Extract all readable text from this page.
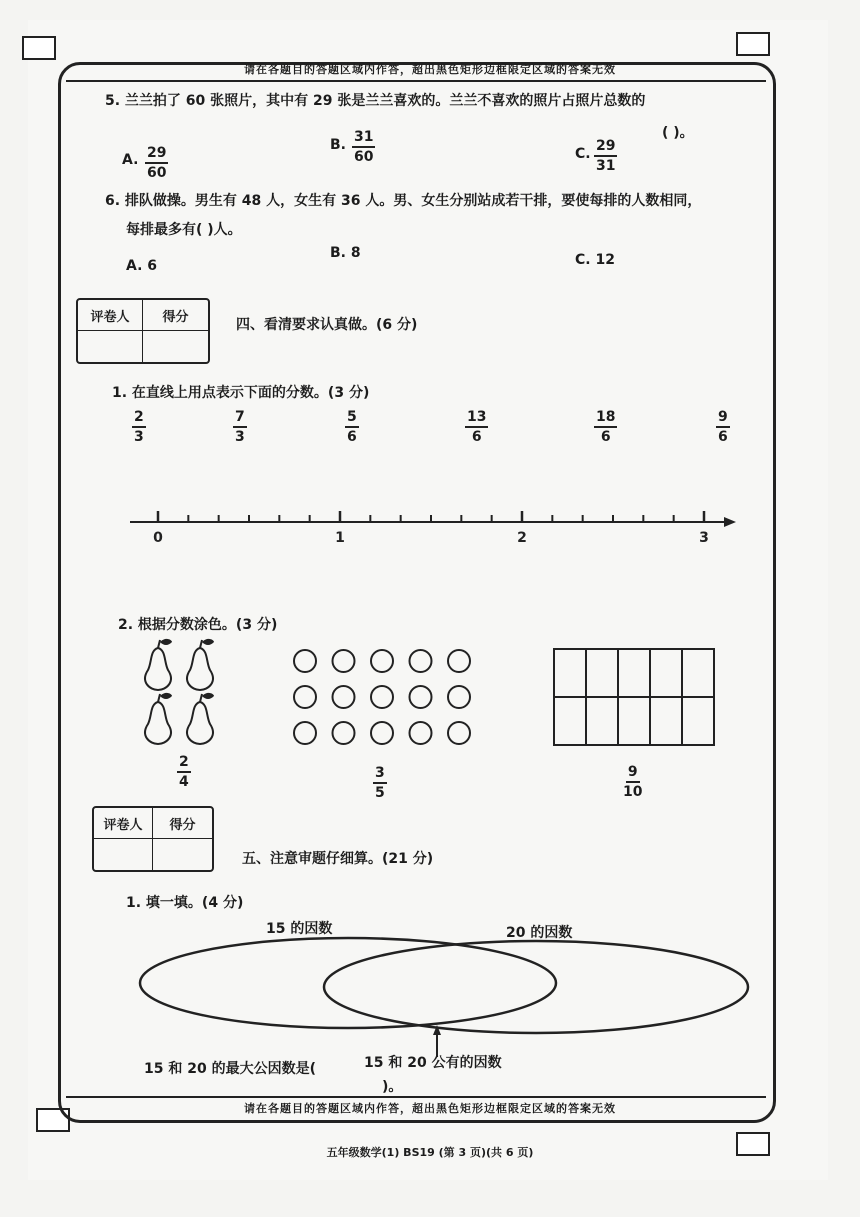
请在各题目的答题区域内作答，超出黑色矩形边框限定区域的答案无效
5. 兰兰拍了 60 张照片，其中有 29 张是兰兰喜欢的。兰兰不喜欢的照片占照片总数的
( )。
A. $\frac{29}{60}$	B. $\frac{31}{60}$	C. $\frac{29}{31}$
6. 排队做操。男生有 48 人，女生有 36 人。男、女生分别站成若干排，要使每排的人数相同，
每排最多有( )人。
A. 6
B. 8	C. 12
评卷人	得分	四、看清要求认真做。(6 分)
1. 在直线上用点表示下面的分数。(3 分)
$\frac{2}{3}$	$\frac{7}{3}$	$\frac{5}{6}$	$\frac{13}{6}$	$\frac{18}{6}$	$\frac{9}{6}$
0	1	2	3
2. 根据分数涂色。(3 分)
$\frac{2}{4}$	$\frac{3}{5}$	$\frac{9}{10}$
评卷人	得分
五、注意审题仔细算。(21 分)
1. 填一填。(4 分)
15 的因数	20 的因数
15 和 20 公有的因数
15 和 20 的最大公因数是(
)。
请在各题目的答题区域内作答，超出黑色矩形边框限定区域的答案无效
五年级数学(1) BS19 (第 3 页)(共 6 页)
